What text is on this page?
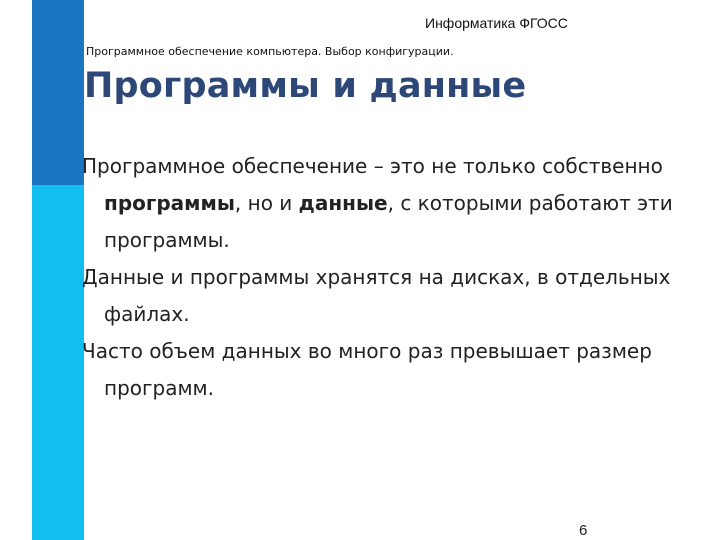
Информатика ФГОСС
Программное обеспечение компьютера. Выбор конфигурации.
Программы и данные

Программное обеспечение – это не только собственно программы, но и данные, с которыми работают эти программы.

Данные и программы хранятся на дисках, в отдельных файлах.

Часто объем данных во много раз превышает размер программ.

6
